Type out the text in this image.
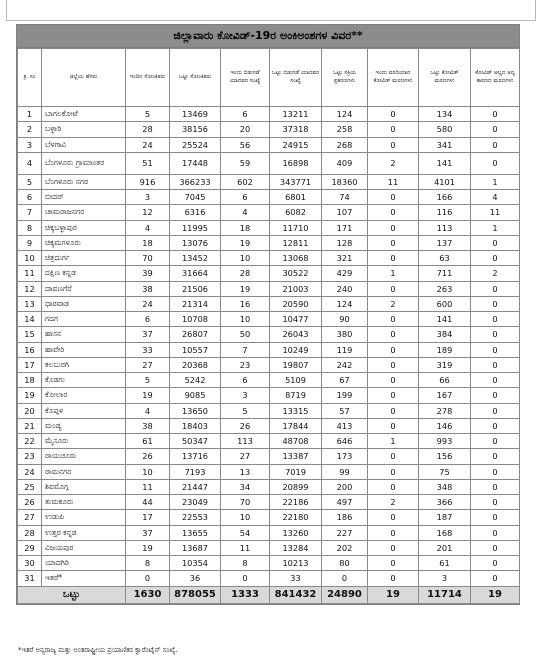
ಜಿಲ್ಲಾವಾರು ಕೋವಿಡ್-19ರ ಅಂಕಿಅಂಶಗಳ ವಿವರ**
ಕ್ರ. ಸಂ	ಜಿಲ್ಲೆಯ ಹೆಸರು	ಇಂದಿನ ಸೋಂಕಿತರು	ಒಟ್ಟು ಸೋಂಕಿತರು	ಇಂದು ಬಿಡುಗಡೆ ಯಾದವರ ಸಂಖ್ಯೆ	ಒಟ್ಟು ಬಿಡುಗಡೆ ಯಾದವರ ಸಂಖ್ಯೆ	ಒಟ್ಟು ಸಕ್ರಿಯ ಪ್ರಕರಣಗಳು	ಇಂದು ವರದಿಯಾದ ಕೋವಿಡ್ ಮರಣಗಳು	ಒಟ್ಟು ಕೋವಿಡ್ ಮರಣಗಳು	ಕೋವಿಡ್ ಅಲ್ಲದ ಅನ್ಯ ಕಾರಣದ ಮರಣಗಳು
1	ಬಾಗಲಕೋಟೆ	5	13469	6	13211	124	0	134	0
2	ಬಳ್ಳಾರಿ	28	38156	20	37318	258	0	580	0
3	ಬೆಳಗಾವಿ	24	25524	56	24915	268	0	341	0
4	ಬೆಂಗಳೂರು ಗ್ರಾಮಾಂತರ	51	17448	59	16898	409	2	141	0
5	ಬೆಂಗಳೂರು ನಗರ	916	366233	602	343771	18360	11	4101	1
6	ಬೀದರ್	3	7045	6	6801	74	0	166	4
7	ಚಾಮರಾಜನಗರ	12	6316	4	6082	107	0	116	11
8	ಚಿಕ್ಕಬಳ್ಳಾಪುರ	4	11995	18	11710	171	0	113	1
9	ಚಿಕ್ಕಮಗಳೂರು	18	13076	19	12811	128	0	137	0
10	ಚಿತ್ರದುರ್ಗ	70	13452	10	13068	321	0	63	0
11	ದಕ್ಷಿಣ ಕನ್ನಡ	39	31664	28	30522	429	1	711	2
12	ದಾವಣಗೆರೆ	38	21506	19	21003	240	0	263	0
13	ಧಾರವಾಡ	24	21314	16	20590	124	2	600	0
14	ಗದಗ	6	10708	10	10477	90	0	141	0
15	ಹಾಸನ	37	26807	50	26043	380	0	384	0
16	ಹಾವೇರಿ	33	10557	7	10249	119	0	189	0
17	ಕಲಬುರಗಿ	27	20368	23	19807	242	0	319	0
18	ಕೊಡಗು	5	5242	6	5109	67	0	66	0
19	ಕೋಲಾರ	19	9085	3	8719	199	0	167	0
20	ಕೊಪ್ಪಳ	4	13650	5	13315	57	0	278	0
21	ಮಂಡ್ಯ	38	18403	26	17844	413	0	146	0
22	ಮೈಸೂರು	61	50347	113	48708	646	1	993	0
23	ರಾಯಚೂರು	26	13716	27	13387	173	0	156	0
24	ರಾಮನಗರ	10	7193	13	7019	99	0	75	0
25	ಶಿವಮೊಗ್ಗ	11	21447	34	20899	200	0	348	0
26	ತುಮಕೂರು	44	23049	70	22186	497	2	366	0
27	ಉಡುಪಿ	17	22553	10	22180	186	0	187	0
28	ಉತ್ತರ ಕನ್ನಡ	37	13655	54	13260	227	0	168	0
29	ವಿಜಯಪುರ	19	13687	11	13284	202	0	201	0
30	ಯಾದಗಿರಿ	8	10354	8	10213	80	0	61	0
31	ಇತರೆ*	0	36	0	33	0	0	3	0
ಒಟ್ಟು		1630	878055	1333	841432	24890	19	11714	19
*ಇತರೆ ಅನ್ಯರಾಜ್ಯ ಮತ್ತು ಅಂತರಾಷ್ಟ್ರೀಯ ಪ್ರಯಾಣಿಕರ ಕ್ವಾರೆಂಟೈನ್ ಸಂಖ್ಯೆ.
